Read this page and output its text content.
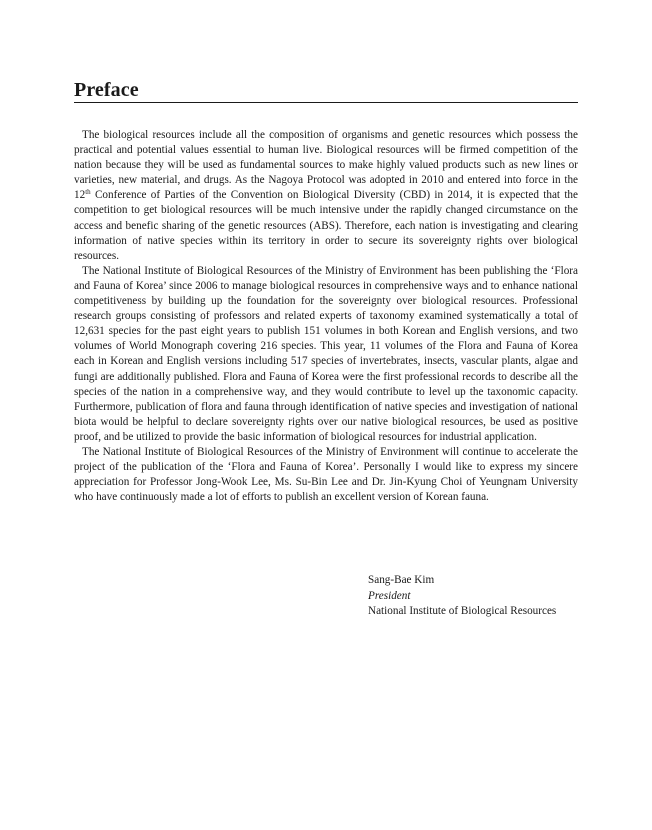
Preface

The biological resources include all the composition of organisms and genetic resources which possess the practical and potential values essential to human live. Biological resources will be firmed competition of the nation because they will be used as fundamental sources to make highly valued products such as new lines or varieties, new material, and drugs. As the Nagoya Protocol was adopted in 2010 and entered into force in the 12th Conference of Parties of the Convention on Biological Diversity (CBD) in 2014, it is expected that the competition to get biological resources will be much intensive under the rapidly changed circumstance on the access and benefic sharing of the genetic resources (ABS). Therefore, each nation is investigating and clearing information of native species within its territory in order to secure its sovereignty rights over biological resources.

The National Institute of Biological Resources of the Ministry of Environment has been publishing the ‘Flora and Fauna of Korea’ since 2006 to manage biological resources in comprehensive ways and to enhance national competitiveness by building up the foundation for the sovereignty over biological resources. Professional research groups consisting of professors and related experts of taxonomy examined systematically a total of 12,631 species for the past eight years to publish 151 volumes in both Korean and English versions, and two volumes of World Monograph covering 216 species. This year, 11 volumes of the Flora and Fauna of Korea each in Korean and English versions including 517 species of invertebrates, insects, vascular plants, algae and fungi are additionally published. Flora and Fauna of Korea were the first professional records to describe all the species of the nation in a comprehensive way, and they would contribute to level up the taxonomic capacity. Furthermore, publication of flora and fauna through identification of native species and investigation of national biota would be helpful to declare sovereignty rights over our native biological resources, be used as positive proof, and be utilized to provide the basic information of biological resources for industrial application.

The National Institute of Biological Resources of the Ministry of Environment will continue to accelerate the project of the publication of the ‘Flora and Fauna of Korea’. Personally I would like to express my sincere appreciation for Professor Jong-Wook Lee, Ms. Su-Bin Lee and Dr. Jin-Kyung Choi of Yeungnam University who have continuously made a lot of efforts to publish an excellent version of Korean fauna.

Sang-Bae Kim
President
National Institute of Biological Resources
